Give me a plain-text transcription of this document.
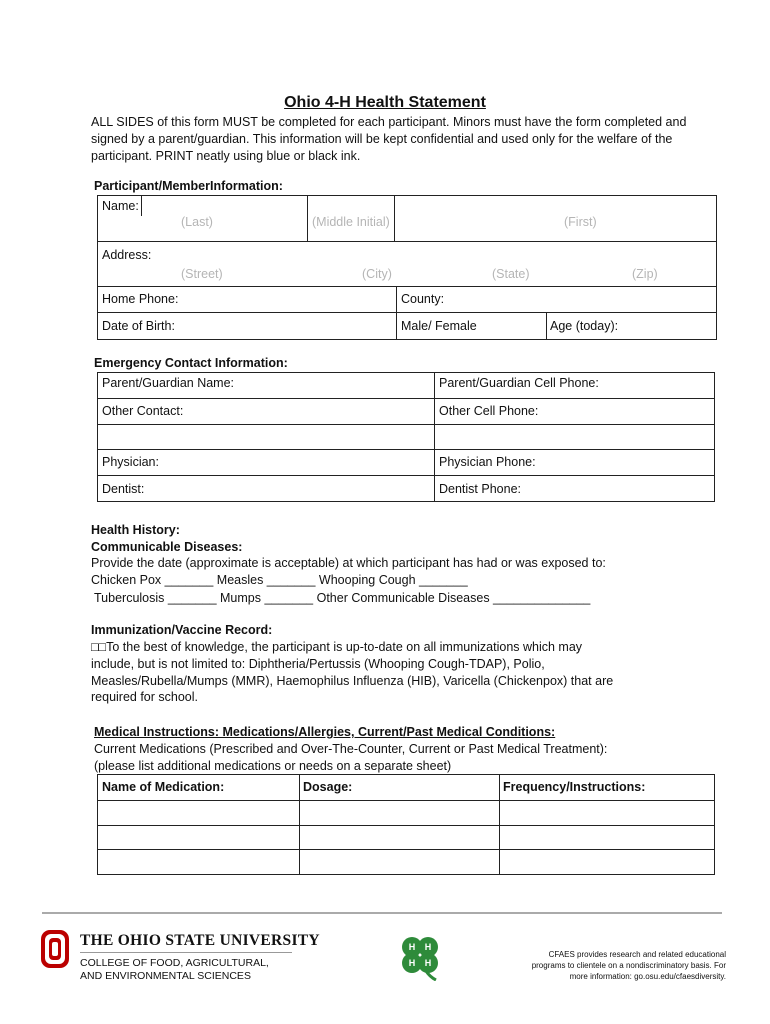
Ohio 4-H Health Statement
ALL SIDES of this form MUST be completed for each participant. Minors must have the form completed and signed by a parent/guardian. This information will be kept confidential and used only for the welfare of the participant. PRINT neatly using blue or black ink.
Participant/MemberInformation:
Name:
(Last)	(Middle Initial)	(First)
Address:
(Street)	(City)	(State)	(Zip)
Home Phone:	County:
Date of Birth:	Male/ Female	Age (today):
Emergency Contact Information:
Parent/Guardian Name:	Parent/Guardian Cell Phone:
Other Contact:	Other Cell Phone:
Physician:	Physician Phone:
Dentist:	Dentist Phone:
Health History:
Communicable Diseases:
Provide the date (approximate is acceptable) at which participant has had or was exposed to:
Chicken Pox _______ Measles _______ Whooping Cough _______
Tuberculosis _______ Mumps _______ Other Communicable Diseases ______________
Immunization/Vaccine Record:
□□To the best of knowledge, the participant is up-to-date on all immunizations which may
include, but is not limited to: Diphtheria/Pertussis (Whooping Cough-TDAP), Polio,
Measles/Rubella/Mumps (MMR), Haemophilus Influenza (HIB), Varicella (Chickenpox) that are
required for school.
Medical Instructions: Medications/Allergies, Current/Past Medical Conditions:
Current Medications (Prescribed and Over-The-Counter, Current or Past Medical Treatment):
(please list additional medications or needs on a separate sheet)
Name of Medication:	Dosage:	Frequency/Instructions:
THE OHIO STATE UNIVERSITY
COLLEGE OF FOOD, AGRICULTURAL,
AND ENVIRONMENTAL SCIENCES
H H
H H
CFAES provides research and related educational
programs to clientele on a nondiscriminatory basis. For
more information: go.osu.edu/cfaesdiversity.
